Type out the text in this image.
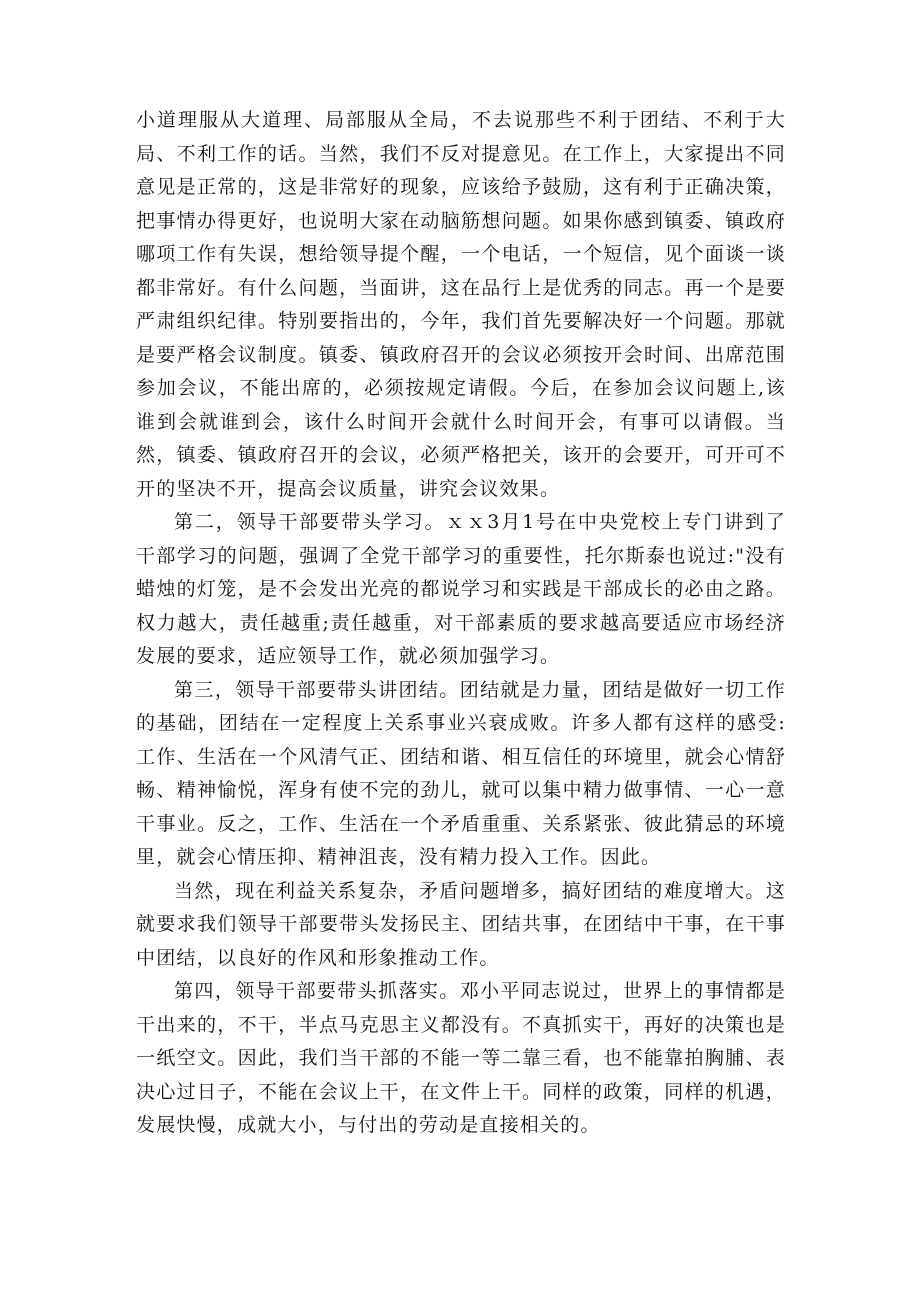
小道理服从大道理、局部服从全局，不去说那些不利于团结、不利于大局、不利工作的话。当然，我们不反对提意见。在工作上，大家提出不同意见是正常的，这是非常好的现象，应该给予鼓励，这有利于正确决策，把事情办得更好，也说明大家在动脑筋想问题。如果你感到镇委、镇政府哪项工作有失误，想给领导提个醒，一个电话，一个短信，见个面谈一谈都非常好。有什么问题，当面讲，这在品行上是优秀的同志。再一个是要严肃组织纪律。特别要指出的，今年，我们首先要解决好一个问题。那就是要严格会议制度。镇委、镇政府召开的会议必须按开会时间、出席范围参加会议，不能出席的，必须按规定请假。今后，在参加会议问题上,该谁到会就谁到会，该什么时间开会就什么时间开会，有事可以请假。当然，镇委、镇政府召开的会议，必须严格把关，该开的会要开，可开可不开的坚决不开，提高会议质量，讲究会议效果。

第二，领导干部要带头学习。ｘｘ3月1号在中央党校上专门讲到了干部学习的问题，强调了全党干部学习的重要性，托尔斯泰也说过:"没有蜡烛的灯笼，是不会发出光亮的都说学习和实践是干部成长的必由之路。权力越大，责任越重;责任越重，对干部素质的要求越高要适应市场经济发展的要求，适应领导工作，就必须加强学习。

第三，领导干部要带头讲团结。团结就是力量，团结是做好一切工作的基础，团结在一定程度上关系事业兴衰成败。许多人都有这样的感受:工作、生活在一个风清气正、团结和谐、相互信任的环境里，就会心情舒畅、精神愉悦，浑身有使不完的劲儿，就可以集中精力做事情、一心一意干事业。反之，工作、生活在一个矛盾重重、关系紧张、彼此猜忌的环境里，就会心情压抑、精神沮丧，没有精力投入工作。因此。

当然，现在利益关系复杂，矛盾问题增多，搞好团结的难度增大。这就要求我们领导干部要带头发扬民主、团结共事，在团结中干事，在干事中团结，以良好的作风和形象推动工作。

第四，领导干部要带头抓落实。邓小平同志说过，世界上的事情都是干出来的，不干，半点马克思主义都没有。不真抓实干，再好的决策也是一纸空文。因此，我们当干部的不能一等二靠三看，也不能靠拍胸脯、表决心过日子，不能在会议上干，在文件上干。同样的政策，同样的机遇，发展快慢，成就大小，与付出的劳动是直接相关的。
